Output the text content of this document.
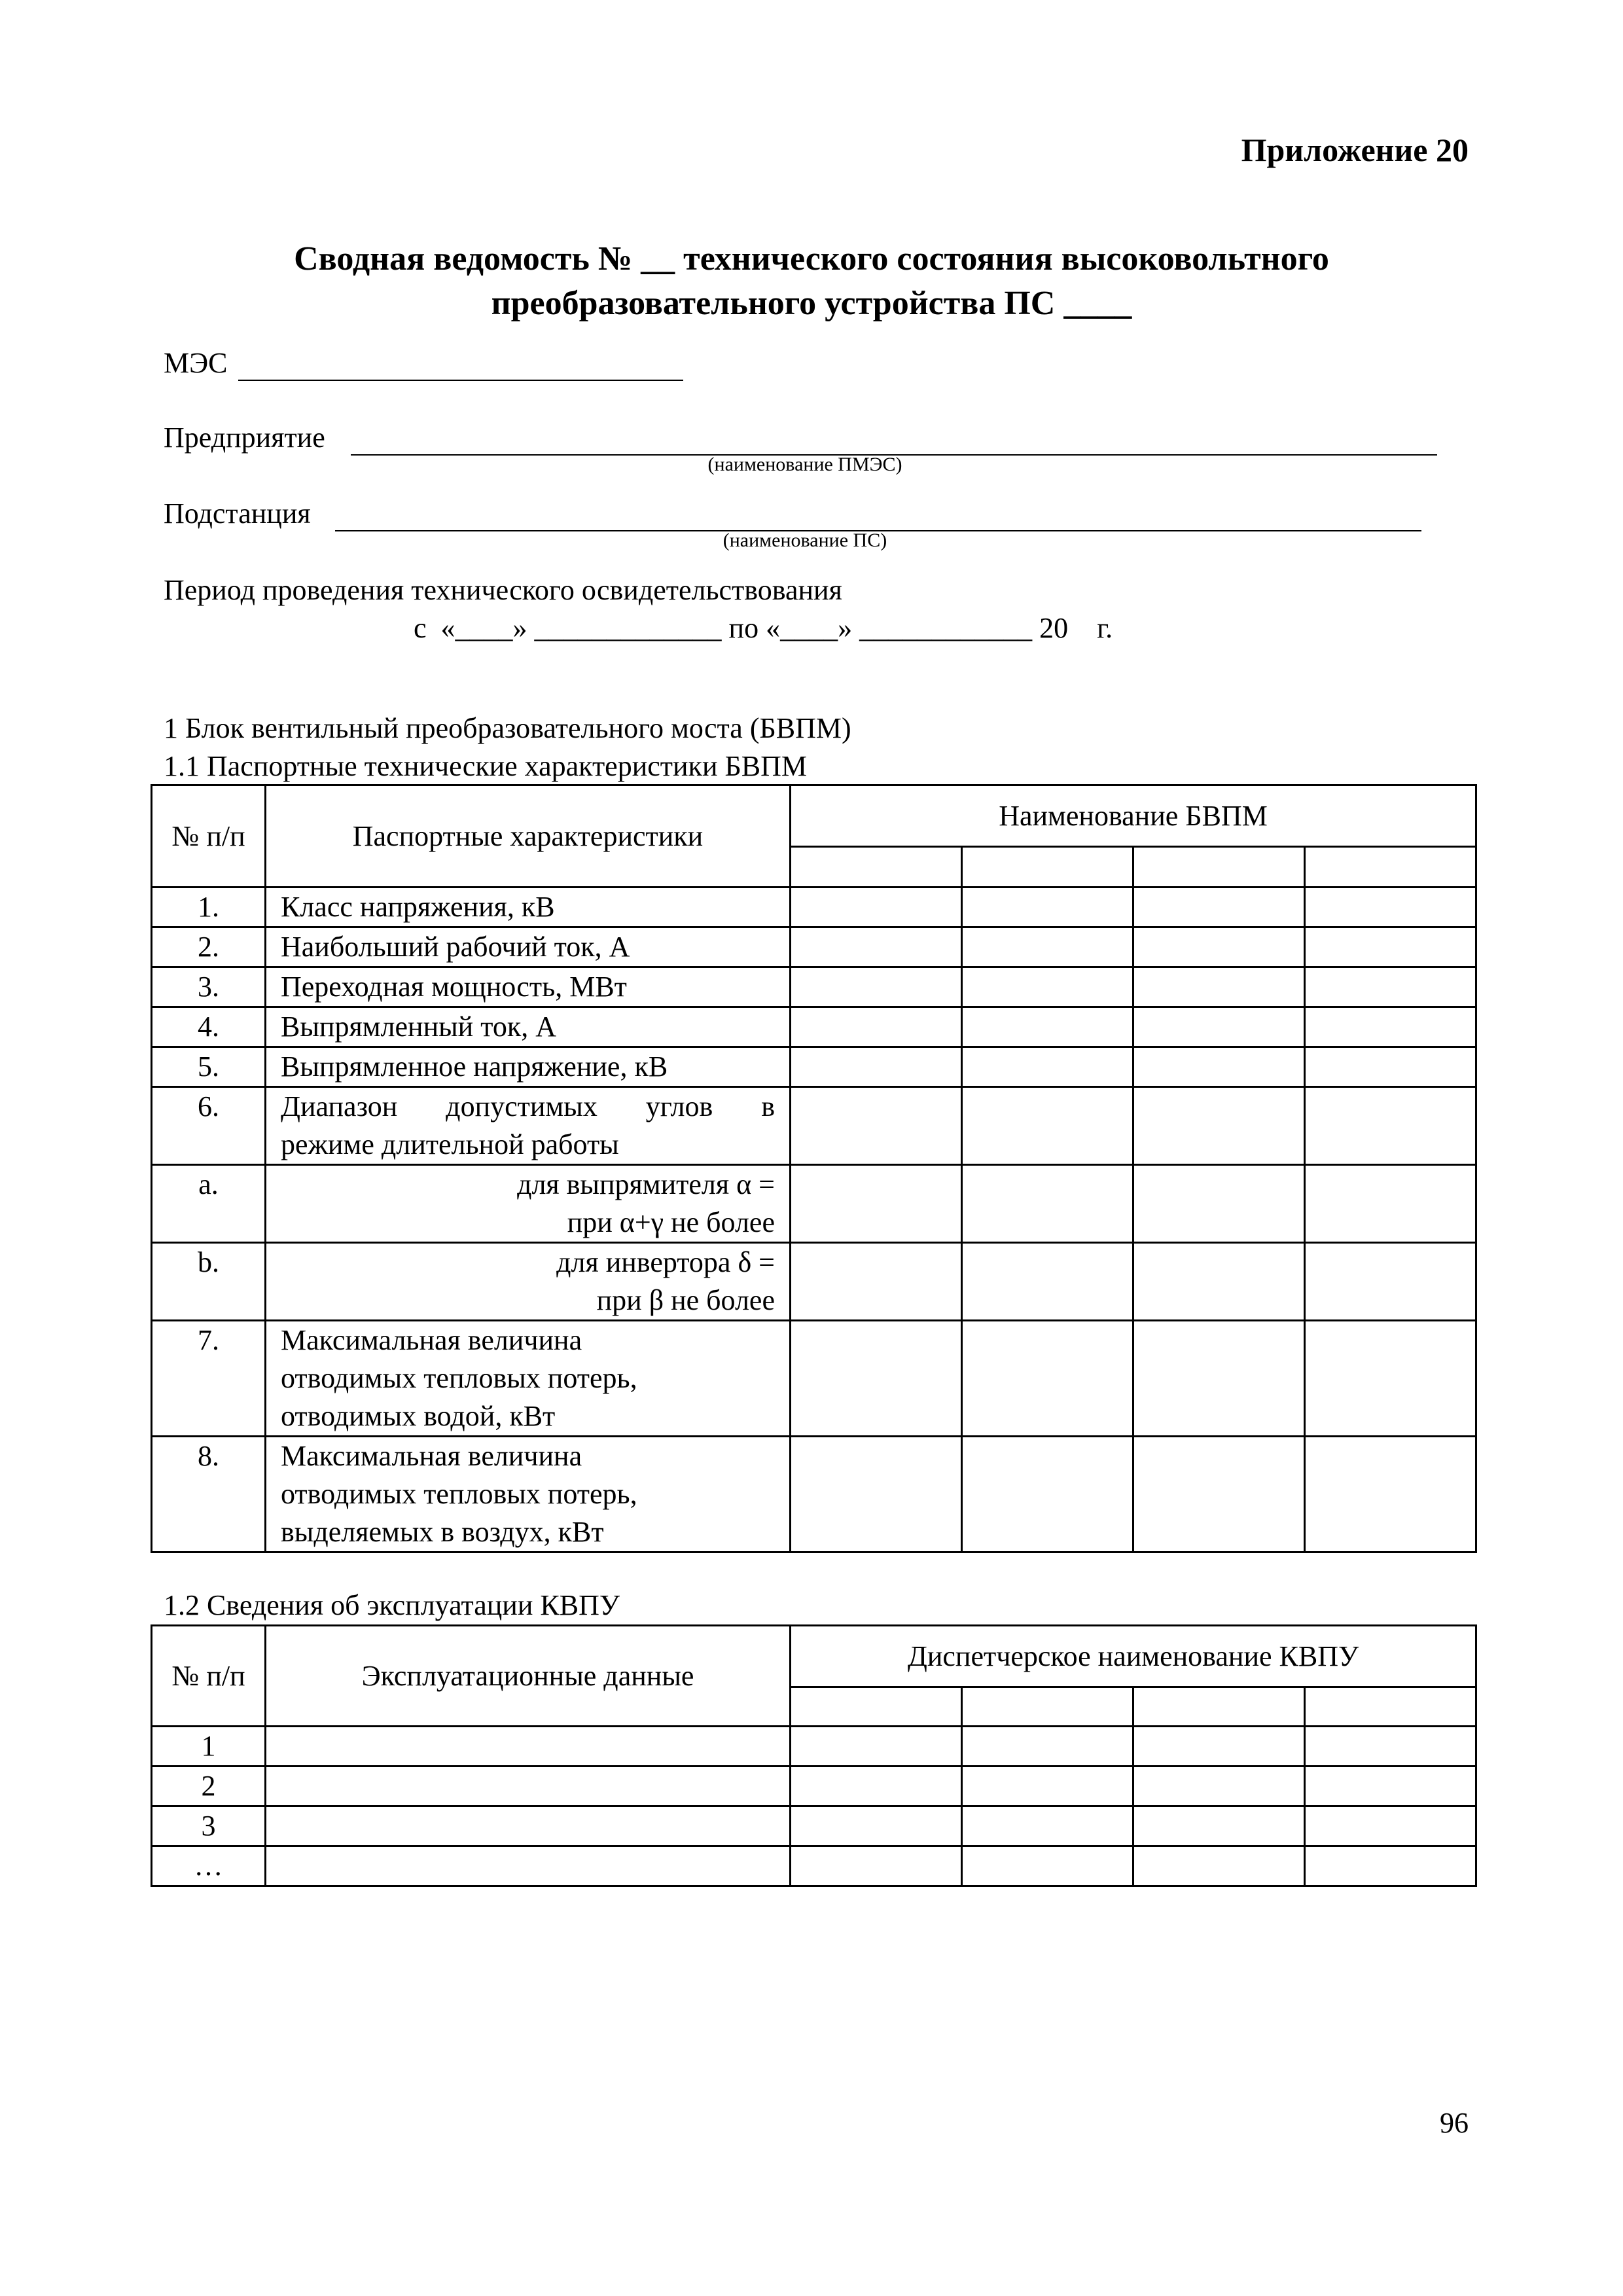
Приложение 20
Сводная ведомость № __ технического состояния высоковольтного
преобразовательного устройства ПС ____
МЭС
Предприятие
(наименование ПМЭС)
Подстанция
(наименование ПС)
Период проведения технического освидетельствования
с  «____» _____________ по «____» ____________ 20    г.
1 Блок вентильный преобразовательного моста (БВПМ)
1.1 Паспортные технические характеристики БВПМ
№ п/п	Паспортные характеристики	Наименование БВПМ			

1.	Класс напряжения, кВ				
2.	Наибольший рабочий ток, А				
3.	Переходная мощность, МВт				
4.	Выпрямленный ток, А				
5.	Выпрямленное напряжение, кВ				
6.	Диапазон допустимых углов в
режиме длительной работы				

a.	для выпрямителя α =
при α+γ не более				

b.	для инвертора δ =
при β не более				

7.	Максимальная величина
отводимых тепловых потерь,
отводимых водой, кВт				

8.	Максимальная величина
отводимых тепловых потерь,
выделяемых в воздух, кВт				

1.2 Сведения об эксплуатации КВПУ
№ п/п	Эксплуатационные данные	Диспетчерское наименование КВПУ			

1					
2					
3					
…					
96
